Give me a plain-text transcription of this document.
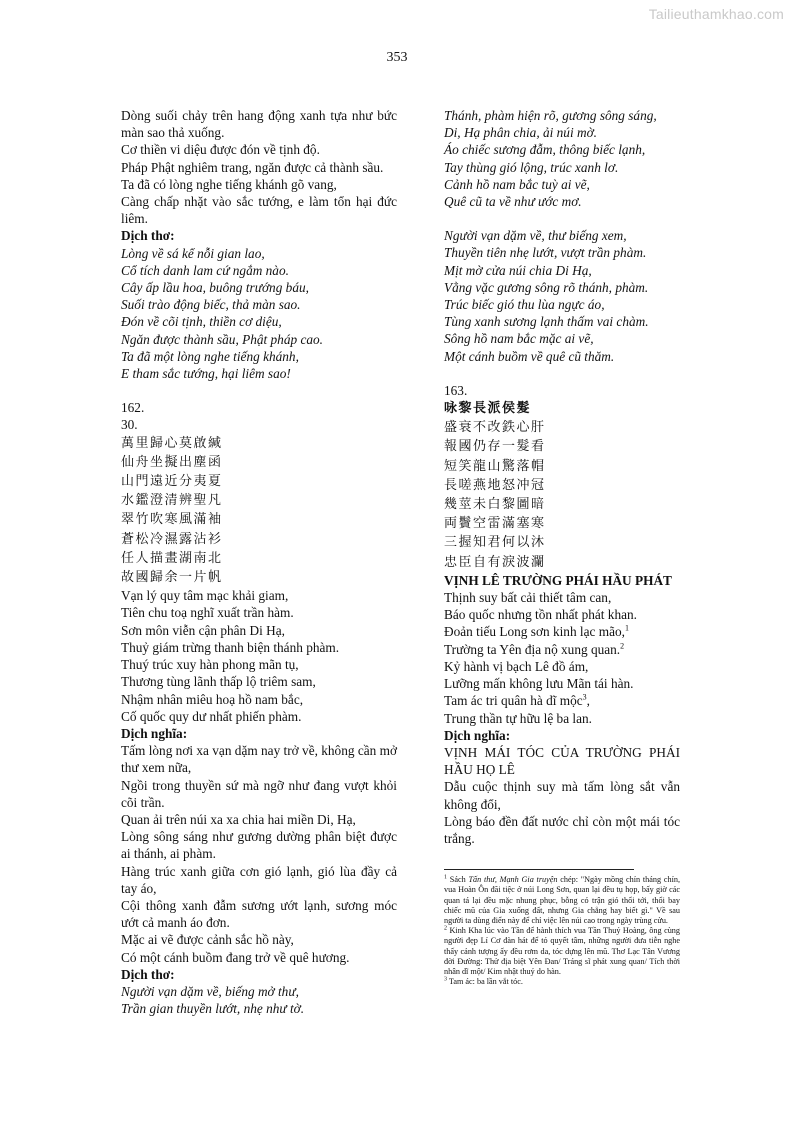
Tailieuthamkhao.com
353
Dòng suối chảy trên hang động xanh tựa như bức màn sao thả xuống.
Cơ thiền vi diệu được đón về tịnh độ.
Pháp Phật nghiêm trang, ngăn được cả thành sầu.
Ta đã có lòng nghe tiếng khánh gõ vang,
Càng chấp nhặt vào sắc tướng, e làm tổn hại đức liêm.
Dịch thơ:
Lòng về sá kể nỗi gian lao,
Cổ tích danh lam cứ ngắm nào.
Cây ấp lầu hoa, buông trướng báu,
Suối trào động biếc, thả màn sao.
Đón về cõi tịnh, thiền cơ diệu,
Ngăn được thành sầu, Phật pháp cao.
Ta đã một lòng nghe tiếng khánh,
E tham sắc tướng, hại liêm sao!
162.
30.
萬里歸心莫啟緘
仙舟坐擬出塵函
山門遠近分夷夏
水鑑澄清辨聖凡
翠竹吹寒風滿袖
蒼松冷濕露沾衫
任人描畫湖南北
故國歸余一片帆
Vạn lý quy tâm mạc khải giam,
Tiên chu toạ nghĩ xuất trần hàm.
Sơn môn viễn cận phân Di Hạ,
Thuỷ giám trừng thanh biện thánh phàm.
Thuý trúc xuy hàn phong mãn tụ,
Thương tùng lãnh thấp lộ triêm sam,
Nhậm nhân miêu hoạ hồ nam bắc,
Cố quốc quy dư nhất phiến phàm.
Dịch nghĩa:
Tấm lòng nơi xa vạn dặm nay trở về, không cần mở thư xem nữa,
Ngồi trong thuyền sứ mà ngỡ như đang vượt khỏi cõi trần.
Quan ải trên núi xa xa chia hai miền Di, Hạ,
Lòng sông sáng như gương dường phân biệt được ai thánh, ai phàm.
Hàng trúc xanh giữa cơn gió lạnh, gió lùa đầy cả tay áo,
Cội thông xanh đẫm sương ướt lạnh, sương móc ướt cả manh áo đơn.
Mặc ai vẽ được cảnh sắc hồ này,
Có một cánh buồm đang trở về quê hương.
Dịch thơ:
Người vạn dặm về, biếng mở thư,
Trần gian thuyền lướt, nhẹ như tờ.
Thánh, phàm hiện rõ, gương sông sáng,
Di, Hạ phân chia, ải núi mờ.
Áo chiếc sương đẫm, thông biếc lạnh,
Tay thùng gió lộng, trúc xanh lơ.
Cảnh hồ nam bắc tuỳ ai vẽ,
Quê cũ ta về như ước mơ.
Người vạn dặm về, thư biếng xem,
Thuyền tiên nhẹ lướt, vượt trần phàm.
Mịt mờ cửa núi chia Di Hạ,
Vằng vặc gương sông rõ thánh, phàm.
Trúc biếc gió thu lùa ngực áo,
Tùng xanh sương lạnh thấm vai chàm.
Sông hồ nam bắc mặc ai vẽ,
Một cánh buồm về quê cũ thăm.
163.
咏黎長派侯髮
盛衰不改鉄心肝
報國仍存一髮看
短笑龍山驚落帽
長嗟燕地怒冲冠
幾莖未白黎圖暗
両鬢空雷滿塞寒
三握知君何以沐
忠臣自有淚波瀾
VỊNH LÊ TRƯỜNG PHÁI HẦU PHÁT
Thịnh suy bất cải thiết tâm can,
Báo quốc nhưng tồn nhất phát khan.
Đoản tiếu Long sơn kinh lạc mão,$^1$
Trường ta Yên địa nộ xung quan.$^2$
Kỷ hành vị bạch Lê đồ ám,
Lưỡng mấn không lưu Mãn tái hàn.
Tam ác tri quân hà dĩ mộc$^3$,
Trung thần tự hữu lệ ba lan.
Dịch nghĩa:
VỊNH MÁI TÓC CỦA TRƯỜNG PHÁI HẦU HỌ LÊ
Dẫu cuộc thịnh suy mà tấm lòng sắt vẫn không đổi,
Lòng báo đền đất nước chỉ còn một mái tóc trắng.
$^1$ Sách Tấn thư, Mạnh Gia truyện chép: "Ngày mồng chín tháng chín, vua Hoàn Ôn đãi tiệc ở núi Long Sơn, quan lại đều tụ họp, bấy giờ các quan tá lại đều mặc nhung phục, bỗng có trận gió thổi tới, thổi bay chiếc mũ của Gia xuống đất, nhưng Gia chẳng hay biết gì." Về sau người ta dùng điển này để chỉ việc lên núi cao trong ngày trùng cửu.
$^2$ Kinh Kha lúc vào Tần để hành thích vua Tần Thuỷ Hoàng, ông cùng người đẹp Lí Cơ đàn hát để tỏ quyết tâm, những người đưa tiễn nghe thấy cảnh tượng ấy đều rơm da, tóc dựng lên mũ. Thơ Lạc Tân Vương đời Đường: Thử địa biệt Yên Đan/ Tráng sĩ phát xung quan/ Tích thời nhân dĩ một/ Kim nhật thuỷ do hàn.
$^3$ Tam ác: ba lần vắt tóc.
